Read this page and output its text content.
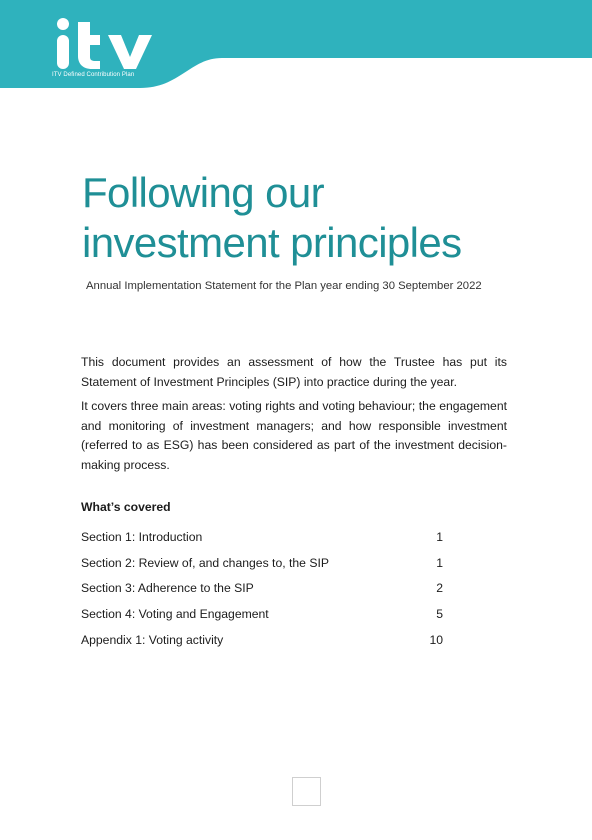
ITV Defined Contribution Plan
Following our
investment principles
Annual Implementation Statement for the Plan year ending 30 September 2022

This document provides an assessment of how the Trustee has put its Statement of Investment Principles (SIP) into practice during the year.

It covers three main areas: voting rights and voting behaviour; the engagement and monitoring of investment managers; and how responsible investment (referred to as ESG) has been considered as part of the investment decision-making process.

What’s covered
Section 1: Introduction	1
Section 2: Review of, and changes to, the SIP	1
Section 3: Adherence to the SIP	2
Section 4: Voting and Engagement	5
Appendix 1: Voting activity	10
